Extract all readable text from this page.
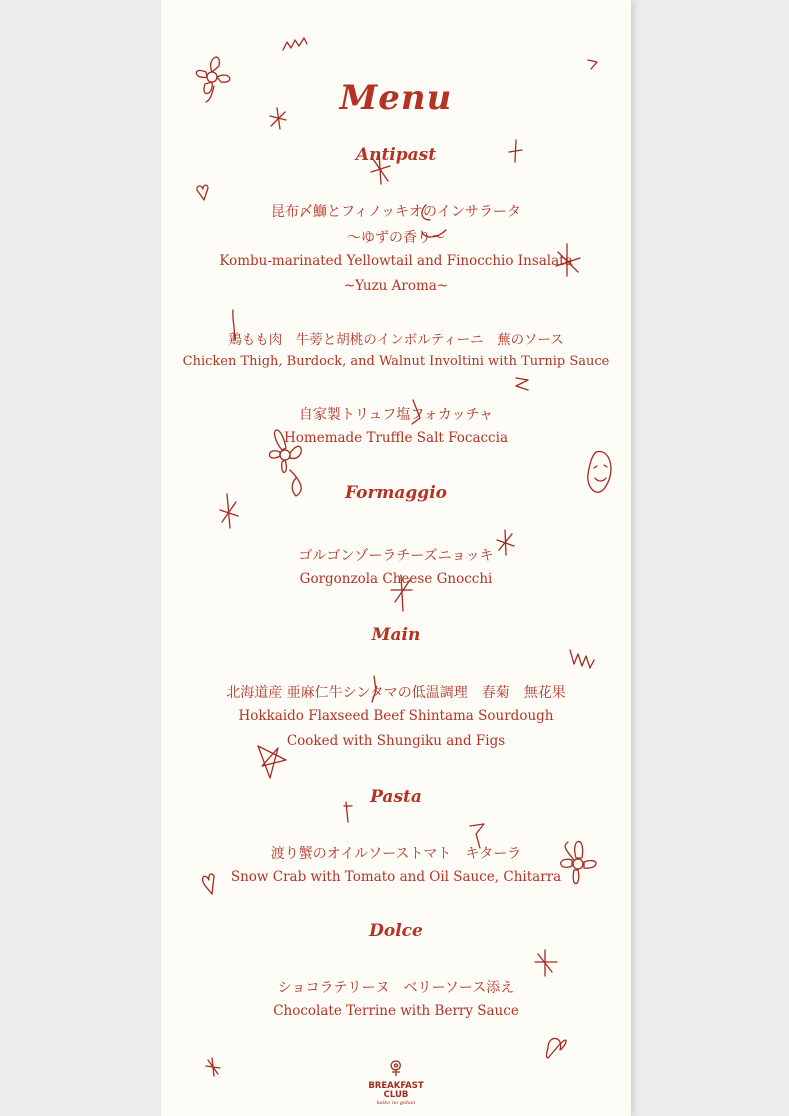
Menu
Antipast
昆布〆鰤とフィノッキオのインサラータ
〜ゆずの香り〜
Kombu-marinated Yellowtail and Finocchio Insalata
~Yuzu Aroma~
鶏もも肉　牛蒡と胡桃のインボルティーニ　蕪のソース
Chicken Thigh, Burdock, and Walnut Involtini with Turnip Sauce
自家製トリュフ塩フォカッチャ
Homemade Truffle Salt Focaccia
Formaggio
ゴルゴンゾーラチーズニョッキ
Gorgonzola Cheese Gnocchi
Main
北海道産 亜麻仁牛シンタマの低温調理　春菊　無花果
Hokkaido Flaxseed Beef Shintama Sourdough
Cooked with Shungiku and Figs
Pasta
渡り蟹のオイルソーストマト　キターラ
Snow Crab with Tomato and Oil Sauce, Chitarra
Dolce
ショコラテリーヌ　ベリーソース添え
Chocolate Terrine with Berry Sauce
BREAKFAST
CLUB
kaiko no gohan
